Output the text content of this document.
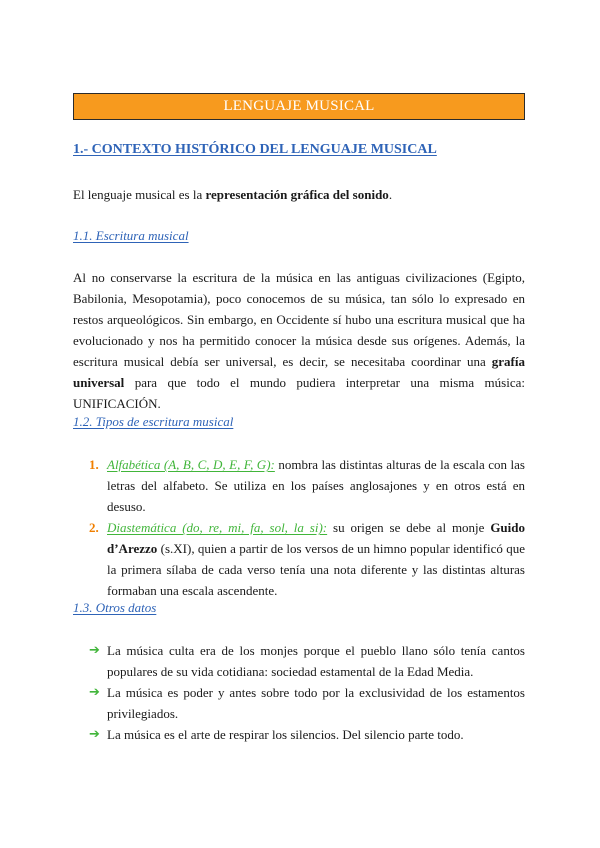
LENGUAJE MUSICAL
1.- CONTEXTO HISTÓRICO DEL LENGUAJE MUSICAL

El lenguaje musical es la representación gráfica del sonido.

1.1. Escritura musical

Al no conservarse la escritura de la música en las antiguas civilizaciones (Egipto, Babilonia, Mesopotamia), poco conocemos de su música, tan sólo lo expresado en restos arqueológicos. Sin embargo, en Occidente sí hubo una escritura musical que ha evolucionado y nos ha permitido conocer la música desde sus orígenes. Además, la escritura musical debía ser universal, es decir, se necesitaba coordinar una grafía universal para que todo el mundo pudiera interpretar una misma música: UNIFICACIÓN.

1.2. Tipos de escritura musical
1. Alfabética (A, B, C, D, E, F, G): nombra las distintas alturas de la escala con las letras del alfabeto. Se utiliza en los países anglosajones y en otros está en desuso.
2. Diastemática (do, re, mi, fa, sol, la si): su origen se debe al monje Guido d’Arezzo (s.XI), quien a partir de los versos de un himno popular identificó que la primera sílaba de cada verso tenía una nota diferente y las distintas alturas formaban una escala ascendente.
1.3. Otros datos
➔ La música culta era de los monjes porque el pueblo llano sólo tenía cantos populares de su vida cotidiana: sociedad estamental de la Edad Media.
➔ La música es poder y antes sobre todo por la exclusividad de los estamentos privilegiados.
➔ La música es el arte de respirar los silencios. Del silencio parte todo.
